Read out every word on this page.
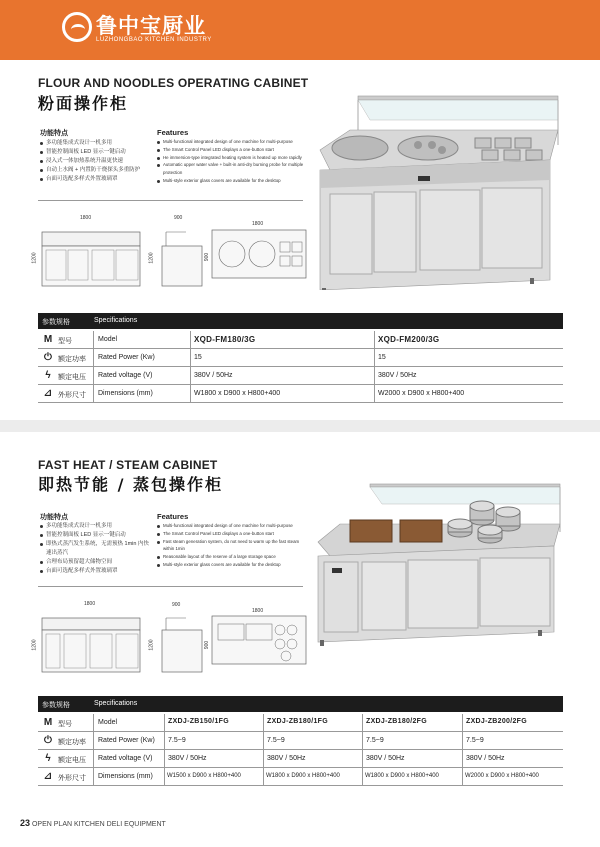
鲁中宝厨业
LUZHONGBAO KITCHEN INDUSTRY
FLOUR AND NOODLES OPERATING CABINET
粉面操作柜
功能特点
多功能集成式设计一机多用
智能控制面板 LED 显示一键启动
浸入式一体加热系统升温更快速
自动上水阀 + 内置防干烧探头多重防护
台面可选配多样式外置玻璃罩
Features
Multi-functional integrated design of one machine for multi-purpose
The Smart Control Panel LED displays a one-button start
He immersion-type integrated heating system is heated up more rapidly
Automatic upper water valve + built-in anti-dry burning probe for multiple protection
Multi-style exterior glass covers are available for the desktop
1800	900
1800
1200	1200	900
参数规格	Specifications
M 型号	Model	XQD-FM180/3G	XQD-FM200/3G
⏻ 额定功率 Rated Power (Kw)	15	15
ϟ	额定电压 Rated voltage (V)	380V / 50Hz	380V / 50Hz
⊿ 外形尺寸 Dimensions (mm)	W1800 x D900 x H800+400	W2000 x D900 x H800+400
FAST HEAT / STEAM CABINET
即热节能 / 蒸包操作柜
功能特点
多功能集成式设计一机多用
智能控制面板 LED 显示一键启动
即热式蒸汽发生系统，无需预热 1min 内快速出蒸汽
合理布局预留超大储物空间
台面可选配多样式外置玻璃罩
Features
Multi-functional integrated design of one machine for multi-purpose
The Smart Control Panel LED displays a one-button start
Fast steam generation system, do not need to warm up the fast steam within 1min
Reasonable layout of the reserve of a large storage space
Multi-style exterior glass covers are available for the desktop
1800	900
1800
1200	1200	900
参数规格	Specifications
M 型号	Model	ZXDJ-ZB150/1FG	ZXDJ-ZB180/1FG	ZXDJ-ZB180/2FG	ZXDJ-ZB200/2FG
⏻ 额定功率 Rated Power (Kw) 7.5~9	7.5~9	7.5~9	7.5~9
ϟ	额定电压 Rated voltage (V) 380V / 50Hz	380V / 50Hz	380V / 50Hz	380V / 50Hz
⊿ 外形尺寸 Dimensions (mm) W1500 x D900 x H800+400	W1800 x D900 x H800+400	W1800 x D900 x H800+400	W2000 x D900 x H800+400
23 OPEN PLAN KITCHEN DELI EQUIPMENT
